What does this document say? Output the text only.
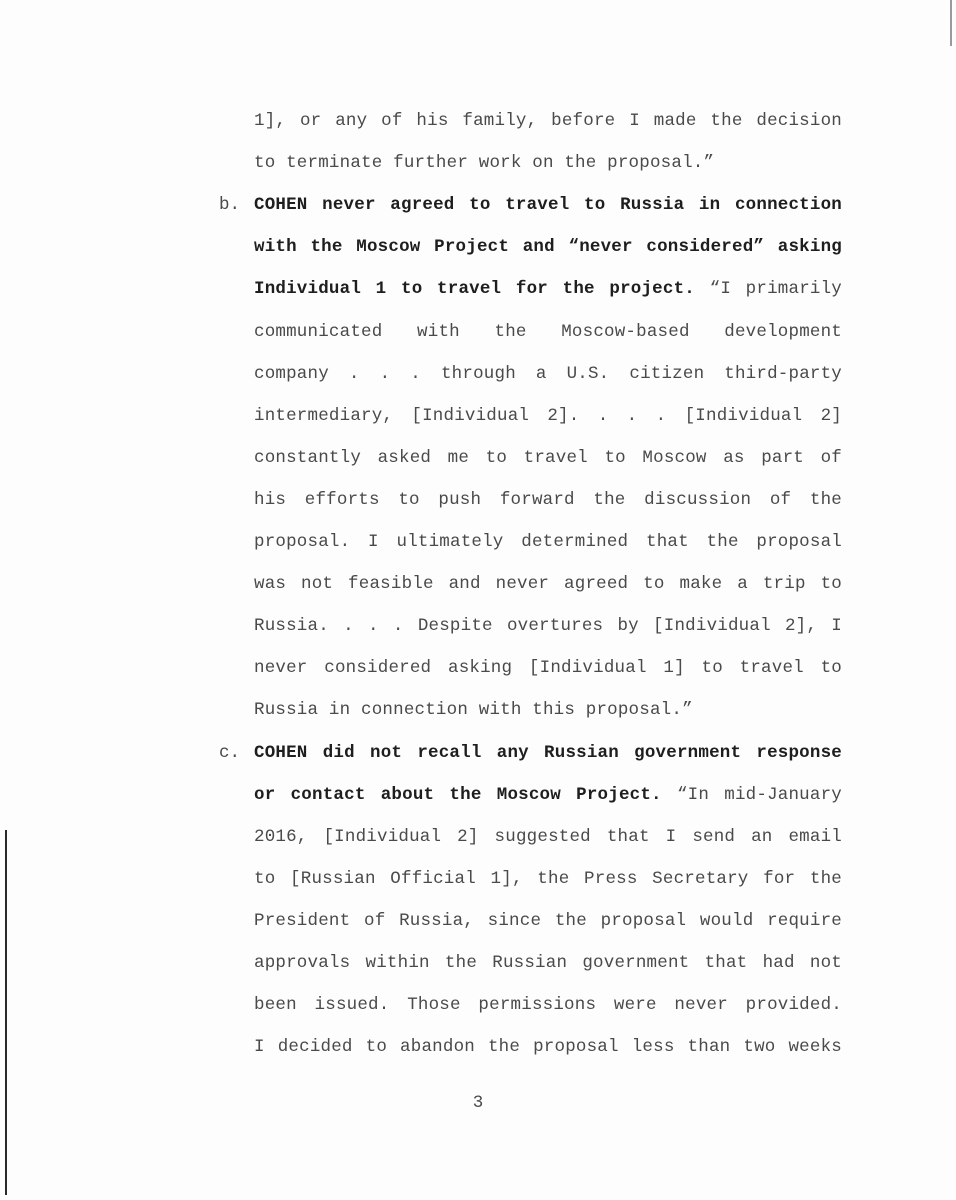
1], or any of his family, before I made the decision
to terminate further work on the proposal.”
b. COHEN never agreed to travel to Russia in connection
with the Moscow Project and “never considered” asking
Individual 1 to travel for the project. “I primarily
communicated with the Moscow-based development
company . . . through a U.S. citizen third-party
intermediary, [Individual 2]. . . . [Individual 2]
constantly asked me to travel to Moscow as part of
his efforts to push forward the discussion of the
proposal. I ultimately determined that the proposal
was not feasible and never agreed to make a trip to
Russia. . . . Despite overtures by [Individual 2], I
never considered asking [Individual 1] to travel to
Russia in connection with this proposal.”
c. COHEN did not recall any Russian government response
or contact about the Moscow Project. “In mid-January
2016, [Individual 2] suggested that I send an email
to [Russian Official 1], the Press Secretary for the
President of Russia, since the proposal would require
approvals within the Russian government that had not
been issued. Those permissions were never provided.
I decided to abandon the proposal less than two weeks
3
